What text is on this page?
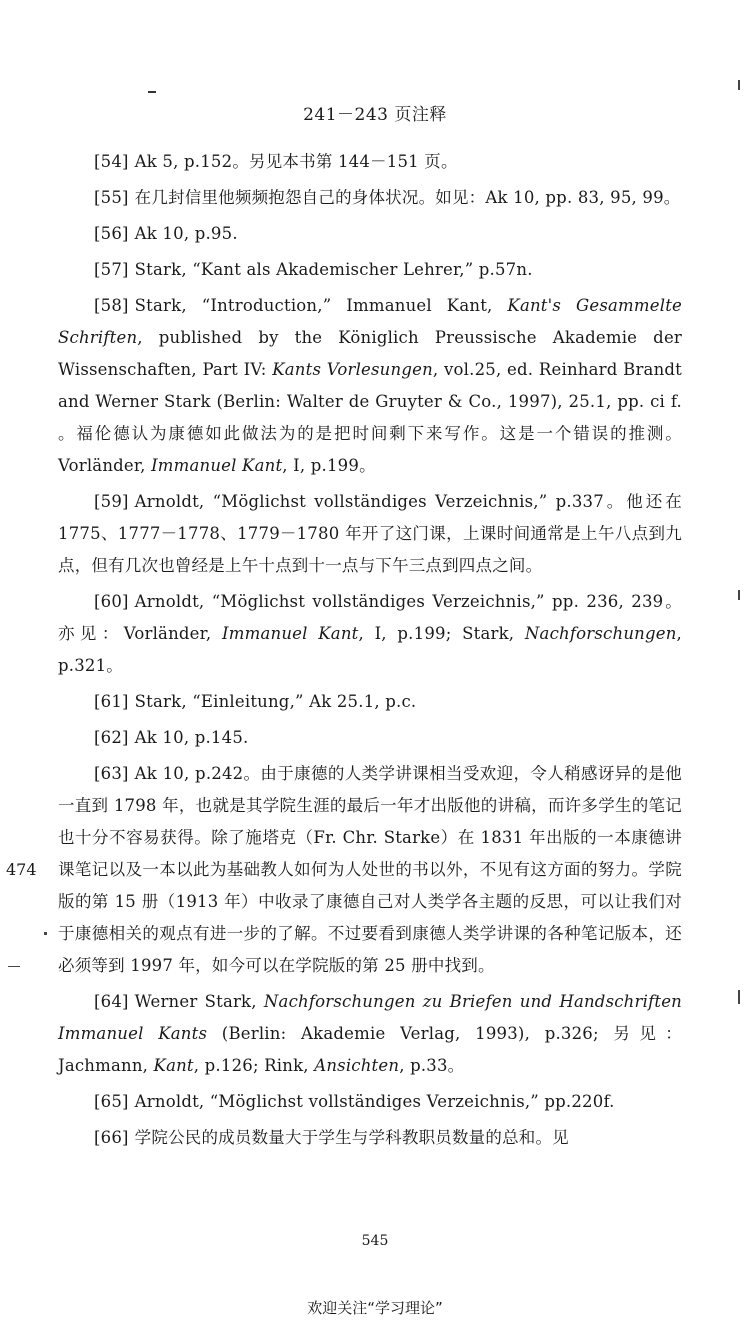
241－243 页注释
474

[54] Ak 5, p.152。另见本书第 144－151 页。

[55] 在几封信里他频频抱怨自己的身体状况。如见：Ak 10, pp. 83, 95, 99。

[56] Ak 10, p.95.

[57] Stark, “Kant als Akademischer Lehrer,” p.57n.

[58] Stark, “Introduction,” Immanuel Kant, Kant's Gesammelte Schriften, published by the Königlich Preussische Akademie der Wissenschaften, Part IV: Kants Vorlesungen, vol.25, ed. Reinhard Brandt and Werner Stark (Berlin: Walter de Gruyter & Co., 1997), 25.1, pp. ci f. 。福伦德认为康德如此做法为的是把时间剩下来写作。这是一个错误的推测。Vorländer, Immanuel Kant, I, p.199。

[59] Arnoldt, “Möglichst vollständiges Verzeichnis,” p.337。他还在 1775、1777－1778、1779－1780 年开了这门课，上课时间通常是上午八点到九点，但有几次也曾经是上午十点到十一点与下午三点到四点之间。

[60] Arnoldt, “Möglichst vollständiges Verzeichnis,” pp. 236, 239。亦见：Vorländer, Immanuel Kant, I, p.199; Stark, Nachforschungen, p.321。

[61] Stark, “Einleitung,” Ak 25.1, p.c.

[62] Ak 10, p.145.

[63] Ak 10, p.242。由于康德的人类学讲课相当受欢迎，令人稍感讶异的是他一直到 1798 年，也就是其学院生涯的最后一年才出版他的讲稿，而许多学生的笔记也十分不容易获得。除了施塔克（Fr. Chr. Starke）在 1831 年出版的一本康德讲课笔记以及一本以此为基础教人如何为人处世的书以外，不见有这方面的努力。学院版的第 15 册（1913 年）中收录了康德自己对人类学各主题的反思，可以让我们对于康德相关的观点有进一步的了解。不过要看到康德人类学讲课的各种笔记版本，还必须等到 1997 年，如今可以在学院版的第 25 册中找到。

[64] Werner Stark, Nachforschungen zu Briefen und Handschriften Immanuel Kants (Berlin: Akademie Verlag, 1993), p.326; 另见：Jachmann, Kant, p.126; Rink, Ansichten, p.33。

[65] Arnoldt, “Möglichst vollständiges Verzeichnis,” pp.220f.

[66] 学院公民的成员数量大于学生与学科教职员数量的总和。见

545
欢迎关注“学习理论”
